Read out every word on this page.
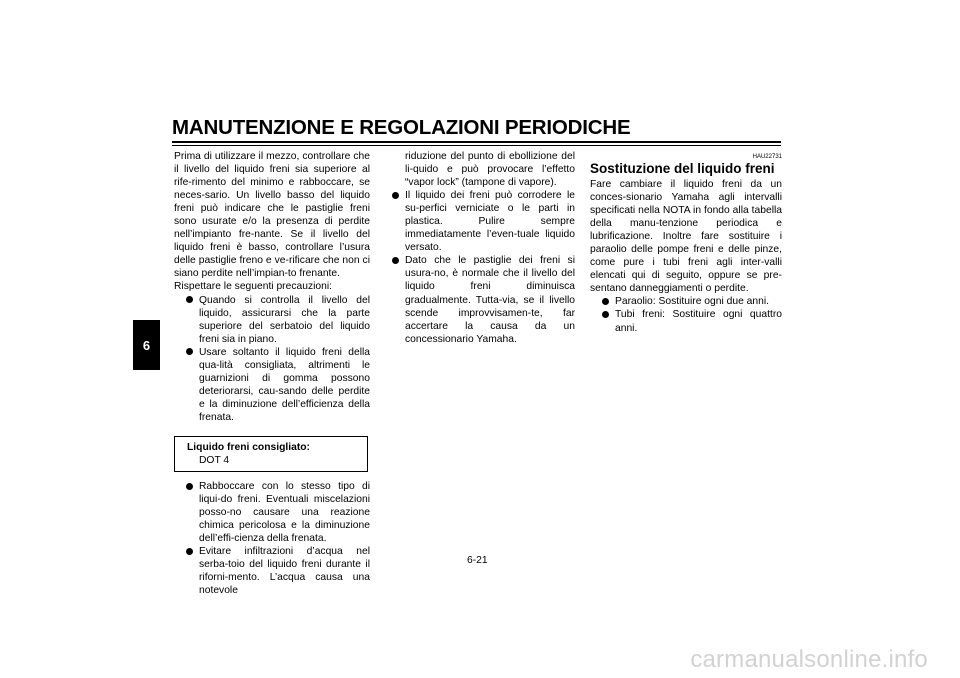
MANUTENZIONE E REGOLAZIONI PERIODICHE
6

Prima di utilizzare il mezzo, controllare che il livello del liquido freni sia superiore al rife-rimento del minimo e rabboccare, se neces-sario. Un livello basso del liquido freni può indicare che le pastiglie freni sono usurate e/o la presenza di perdite nell’impianto fre-nante. Se il livello del liquido freni è basso, controllare l’usura delle pastiglie freno e ve-rificare che non ci siano perdite nell’impian-to frenante.

Rispettare le seguenti precauzioni:

Quando si controlla il livello del liquido, assicurarsi che la parte superiore del serbatoio del liquido freni sia in piano.
Usare soltanto il liquido freni della qua-lità consigliata, altrimenti le guarnizioni di gomma possono deteriorarsi, cau-sando delle perdite e la diminuzione dell’efficienza della frenata.
Liquido freni consigliato:
DOT 4
Rabboccare con lo stesso tipo di liqui-do freni. Eventuali miscelazioni posso-no causare una reazione chimica pericolosa e la diminuzione dell’effi-cienza della frenata.
Evitare infiltrazioni d’acqua nel serba-toio del liquido freni durante il riforni-mento. L’acqua causa una notevole

riduzione del punto di ebollizione del li-quido e può provocare l’effetto “vapor lock” (tampone di vapore).

Il liquido dei freni può corrodere le su-perfici verniciate o le parti in plastica. Pulire sempre immediatamente l’even-tuale liquido versato.
Dato che le pastiglie dei freni si usura-no, è normale che il livello del liquido freni diminuisca gradualmente. Tutta-via, se il livello scende improvvisamen-te, far accertare la causa da un concessionario Yamaha.
HAU22731
Sostituzione del liquido freni

Fare cambiare il liquido freni da un conces-sionario Yamaha agli intervalli specificati nella NOTA in fondo alla tabella della manu-tenzione periodica e lubrificazione. Inoltre fare sostituire i paraolio delle pompe freni e delle pinze, come pure i tubi freni agli inter-valli elencati qui di seguito, oppure se pre-sentano danneggiamenti o perdite.

Paraolio: Sostituire ogni due anni.
Tubi freni: Sostituire ogni quattro anni.
6-21
carmanualsonline.info
